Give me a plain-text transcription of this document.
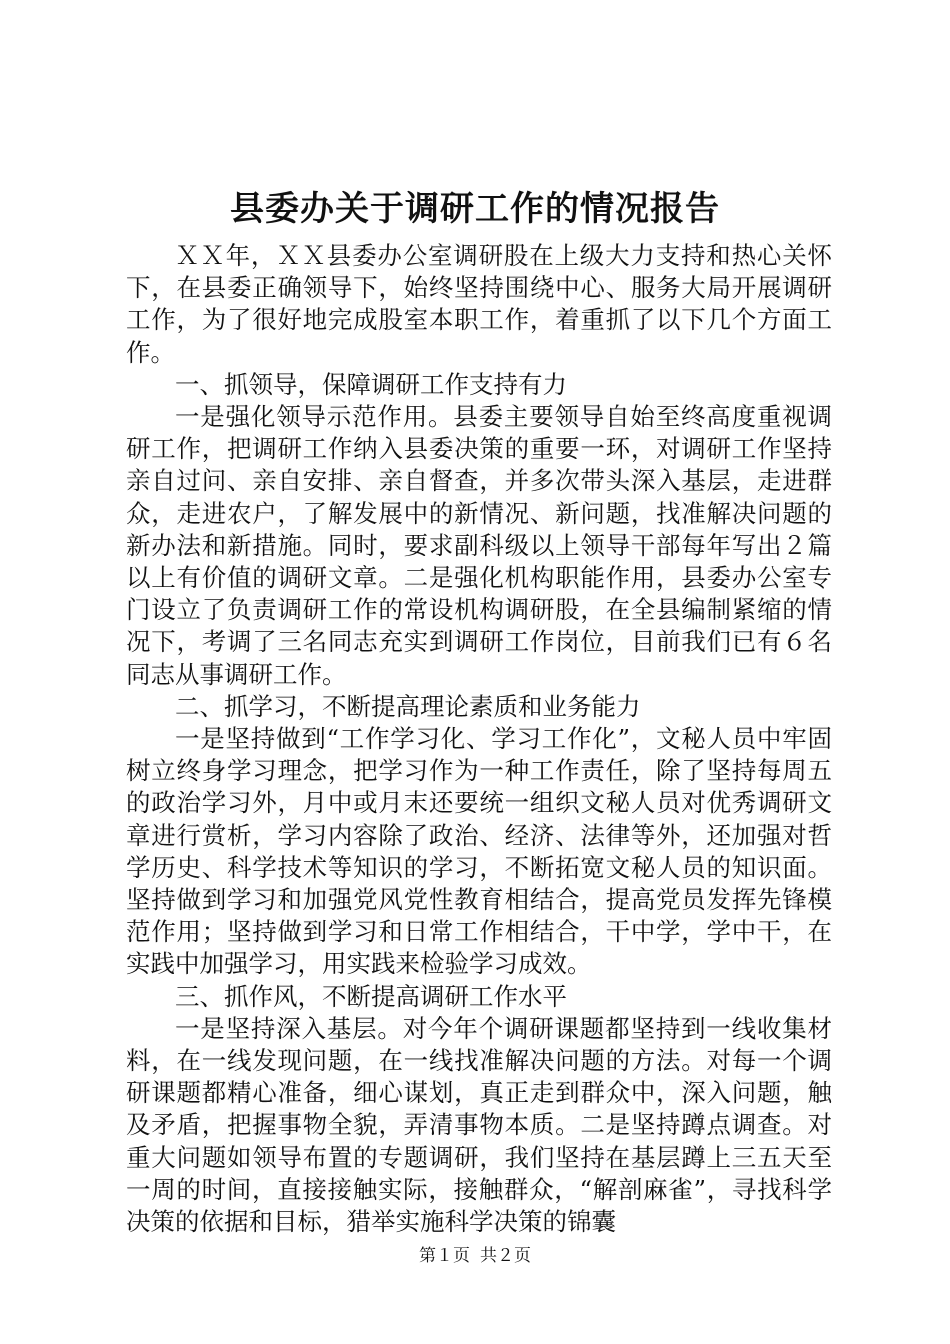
县委办关于调研工作的情况报告

ＸＸ年，ＸＸ县委办公室调研股在上级大力支持和热心关怀下，在县委正确领导下，始终坚持围绕中心、服务大局开展调研工作，为了很好地完成股室本职工作，着重抓了以下几个方面工作。

一、抓领导，保障调研工作支持有力

一是强化领导示范作用。县委主要领导自始至终高度重视调研工作，把调研工作纳入县委决策的重要一环，对调研工作坚持亲自过问、亲自安排、亲自督查，并多次带头深入基层，走进群众，走进农户，了解发展中的新情况、新问题，找准解决问题的新办法和新措施。同时，要求副科级以上领导干部每年写出２篇以上有价值的调研文章。二是强化机构职能作用，县委办公室专门设立了负责调研工作的常设机构调研股，在全县编制紧缩的情况下，考调了三名同志充实到调研工作岗位，目前我们已有６名同志从事调研工作。

二、抓学习，不断提高理论素质和业务能力

一是坚持做到“工作学习化、学习工作化”，文秘人员中牢固树立终身学习理念，把学习作为一种工作责任，除了坚持每周五的政治学习外，月中或月末还要统一组织文秘人员对优秀调研文章进行赏析，学习内容除了政治、经济、法律等外，还加强对哲学历史、科学技术等知识的学习，不断拓宽文秘人员的知识面。坚持做到学习和加强党风党性教育相结合，提高党员发挥先锋模范作用；坚持做到学习和日常工作相结合，干中学，学中干，在实践中加强学习，用实践来检验学习成效。

三、抓作风，不断提高调研工作水平

一是坚持深入基层。对今年个调研课题都坚持到一线收集材料，在一线发现问题，在一线找准解决问题的方法。对每一个调研课题都精心准备，细心谋划，真正走到群众中，深入问题，触及矛盾，把握事物全貌，弄清事物本质。二是坚持蹲点调查。对重大问题如领导布置的专题调研，我们坚持在基层蹲上三五天至一周的时间，直接接触实际，接触群众，“解剖麻雀”，寻找科学决策的依据和目标，猎举实施科学决策的锦囊

第１页 共２页
